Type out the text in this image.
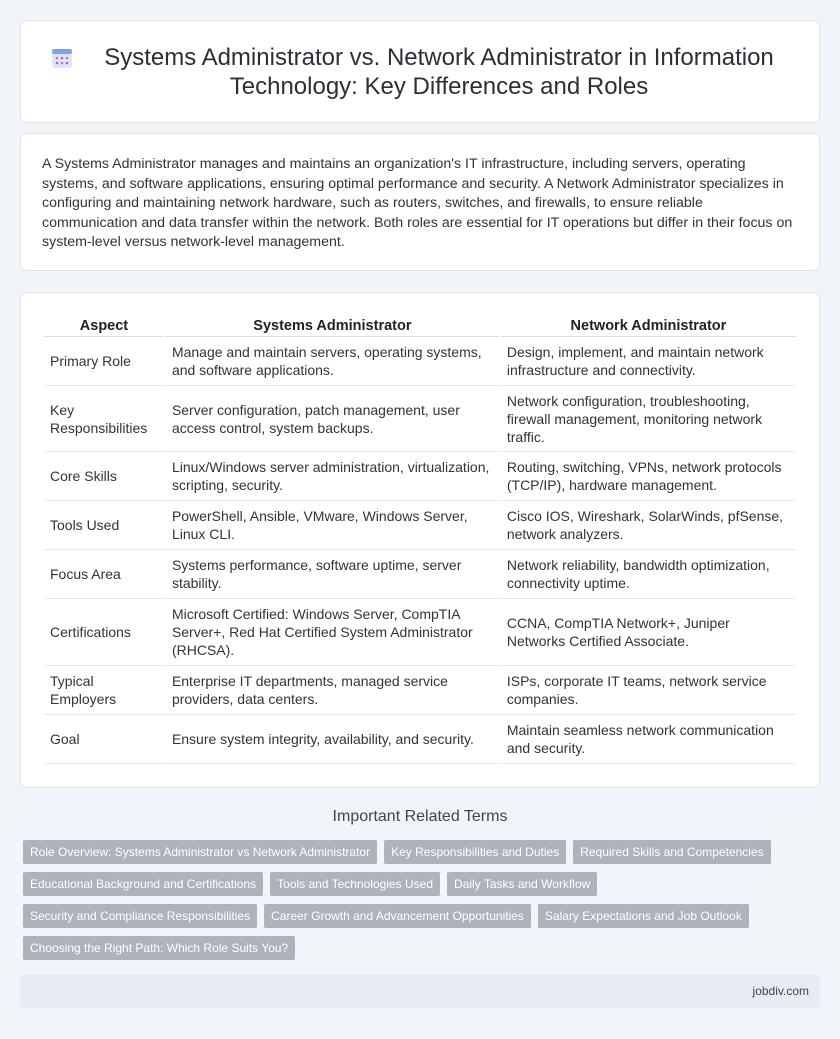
Systems Administrator vs. Network Administrator in Information Technology: Key Differences and Roles

A Systems Administrator manages and maintains an organization's IT infrastructure, including servers, operating systems, and software applications, ensuring optimal performance and security. A Network Administrator specializes in configuring and maintaining network hardware, such as routers, switches, and firewalls, to ensure reliable communication and data transfer within the network. Both roles are essential for IT operations but differ in their focus on system-level versus network-level management.

Aspect	Systems Administrator	Network Administrator
Primary Role	Manage and maintain servers, operating systems, and software applications.	Design, implement, and maintain network infrastructure and connectivity.
Key Responsibilities	Server configuration, patch management, user access control, system backups.	Network configuration, troubleshooting, firewall management, monitoring network traffic.
Core Skills	Linux/Windows server administration, virtualization, scripting, security.	Routing, switching, VPNs, network protocols (TCP/IP), hardware management.
Tools Used	PowerShell, Ansible, VMware, Windows Server, Linux CLI.	Cisco IOS, Wireshark, SolarWinds, pfSense, network analyzers.
Focus Area	Systems performance, software uptime, server stability.	Network reliability, bandwidth optimization, connectivity uptime.
Certifications	Microsoft Certified: Windows Server, CompTIA Server+, Red Hat Certified System Administrator (RHCSA).	CCNA, CompTIA Network+, Juniper Networks Certified Associate.
Typical Employers	Enterprise IT departments, managed service providers, data centers.	ISPs, corporate IT teams, network service companies.
Goal	Ensure system integrity, availability, and security.	Maintain seamless network communication and security.
Important Related Terms
Role Overview: Systems Administrator vs Network Administrator	Key Responsibilities and Duties	Required Skills and Competencies
Educational Background and Certifications	Tools and Technologies Used	Daily Tasks and Workflow
Security and Compliance Responsibilities	Career Growth and Advancement Opportunities	Salary Expectations and Job Outlook
Choosing the Right Path: Which Role Suits You?
jobdiv.com
